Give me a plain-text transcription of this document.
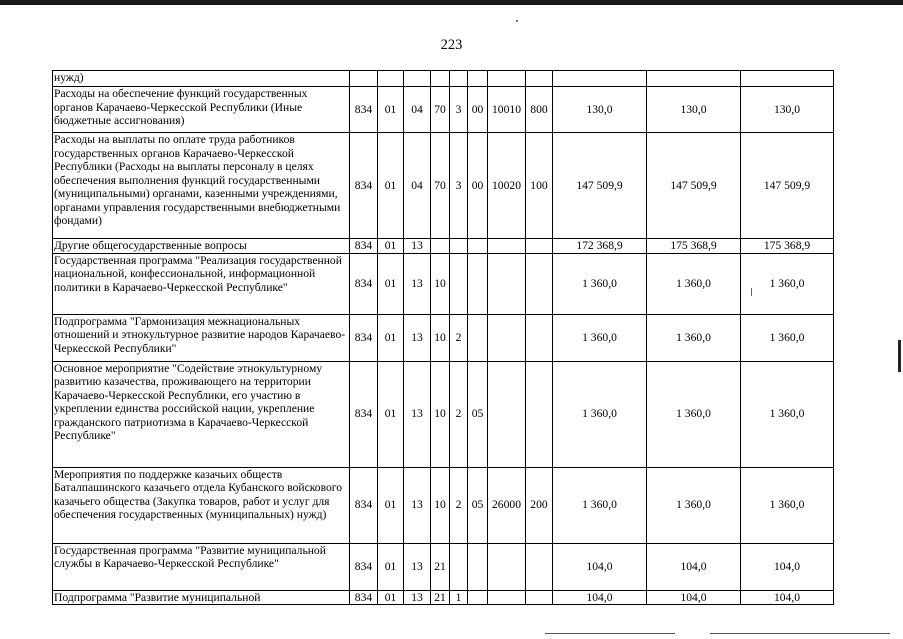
223
нужд)											
Расходы на обеспечение функций государственных органов Карачаево-Черкесской Республики (Иные бюджетные ассигнования)	834	01	04	70	3	00	10010	800	130,0	130,0	130,0
Расходы на выплаты по оплате труда работников государственных органов Карачаево-Черкесской Республики (Расходы на выплаты персоналу в целях обеспечения выполнения функций государственными (муниципальными) органами, казенными учреждениями, органами управления государственными внебюджетными фондами)	834	01	04	70	3	00	10020	100	147 509,9	147 509,9	147 509,9
Другие общегосударственные вопросы	834	01	13						172 368,9	175 368,9	175 368,9
Государственная программа "Реализация государственной национальной, конфессиональной, информационной политики в Карачаево-Черкесской Республике"	834	01	13	10					1 360,0	1 360,0	1 360,0
Подпрограмма "Гармонизация межнациональных отношений и этнокультурное развитие народов Карачаево-Черкесской Республики"	834	01	13	10	2				1 360,0	1 360,0	1 360,0
Основное мероприятие "Содействие этнокультурному развитию казачества, проживающего на территории Карачаево-Черкесской Республики, его участию в укреплении единства российской нации, укрепление гражданского патриотизма в Карачаево-Черкесской Республике"	834	01	13	10	2	05			1 360,0	1 360,0	1 360,0
Мероприятия по поддержке казачьих обществ Баталпашинского казачьего отдела Кубанского войскового казачьего общества (Закупка товаров, работ и услуг для обеспечения государственных (муниципальных) нужд)	834	01	13	10	2	05	26000	200	1 360,0	1 360,0	1 360,0
Государственная программа "Развитие муниципальной службы в Карачаево-Черкесской Республике"	834	01	13	21					104,0	104,0	104,0
Подпрограмма "Развитие муниципальной	834	01	13	21	1				104,0	104,0	104,0
